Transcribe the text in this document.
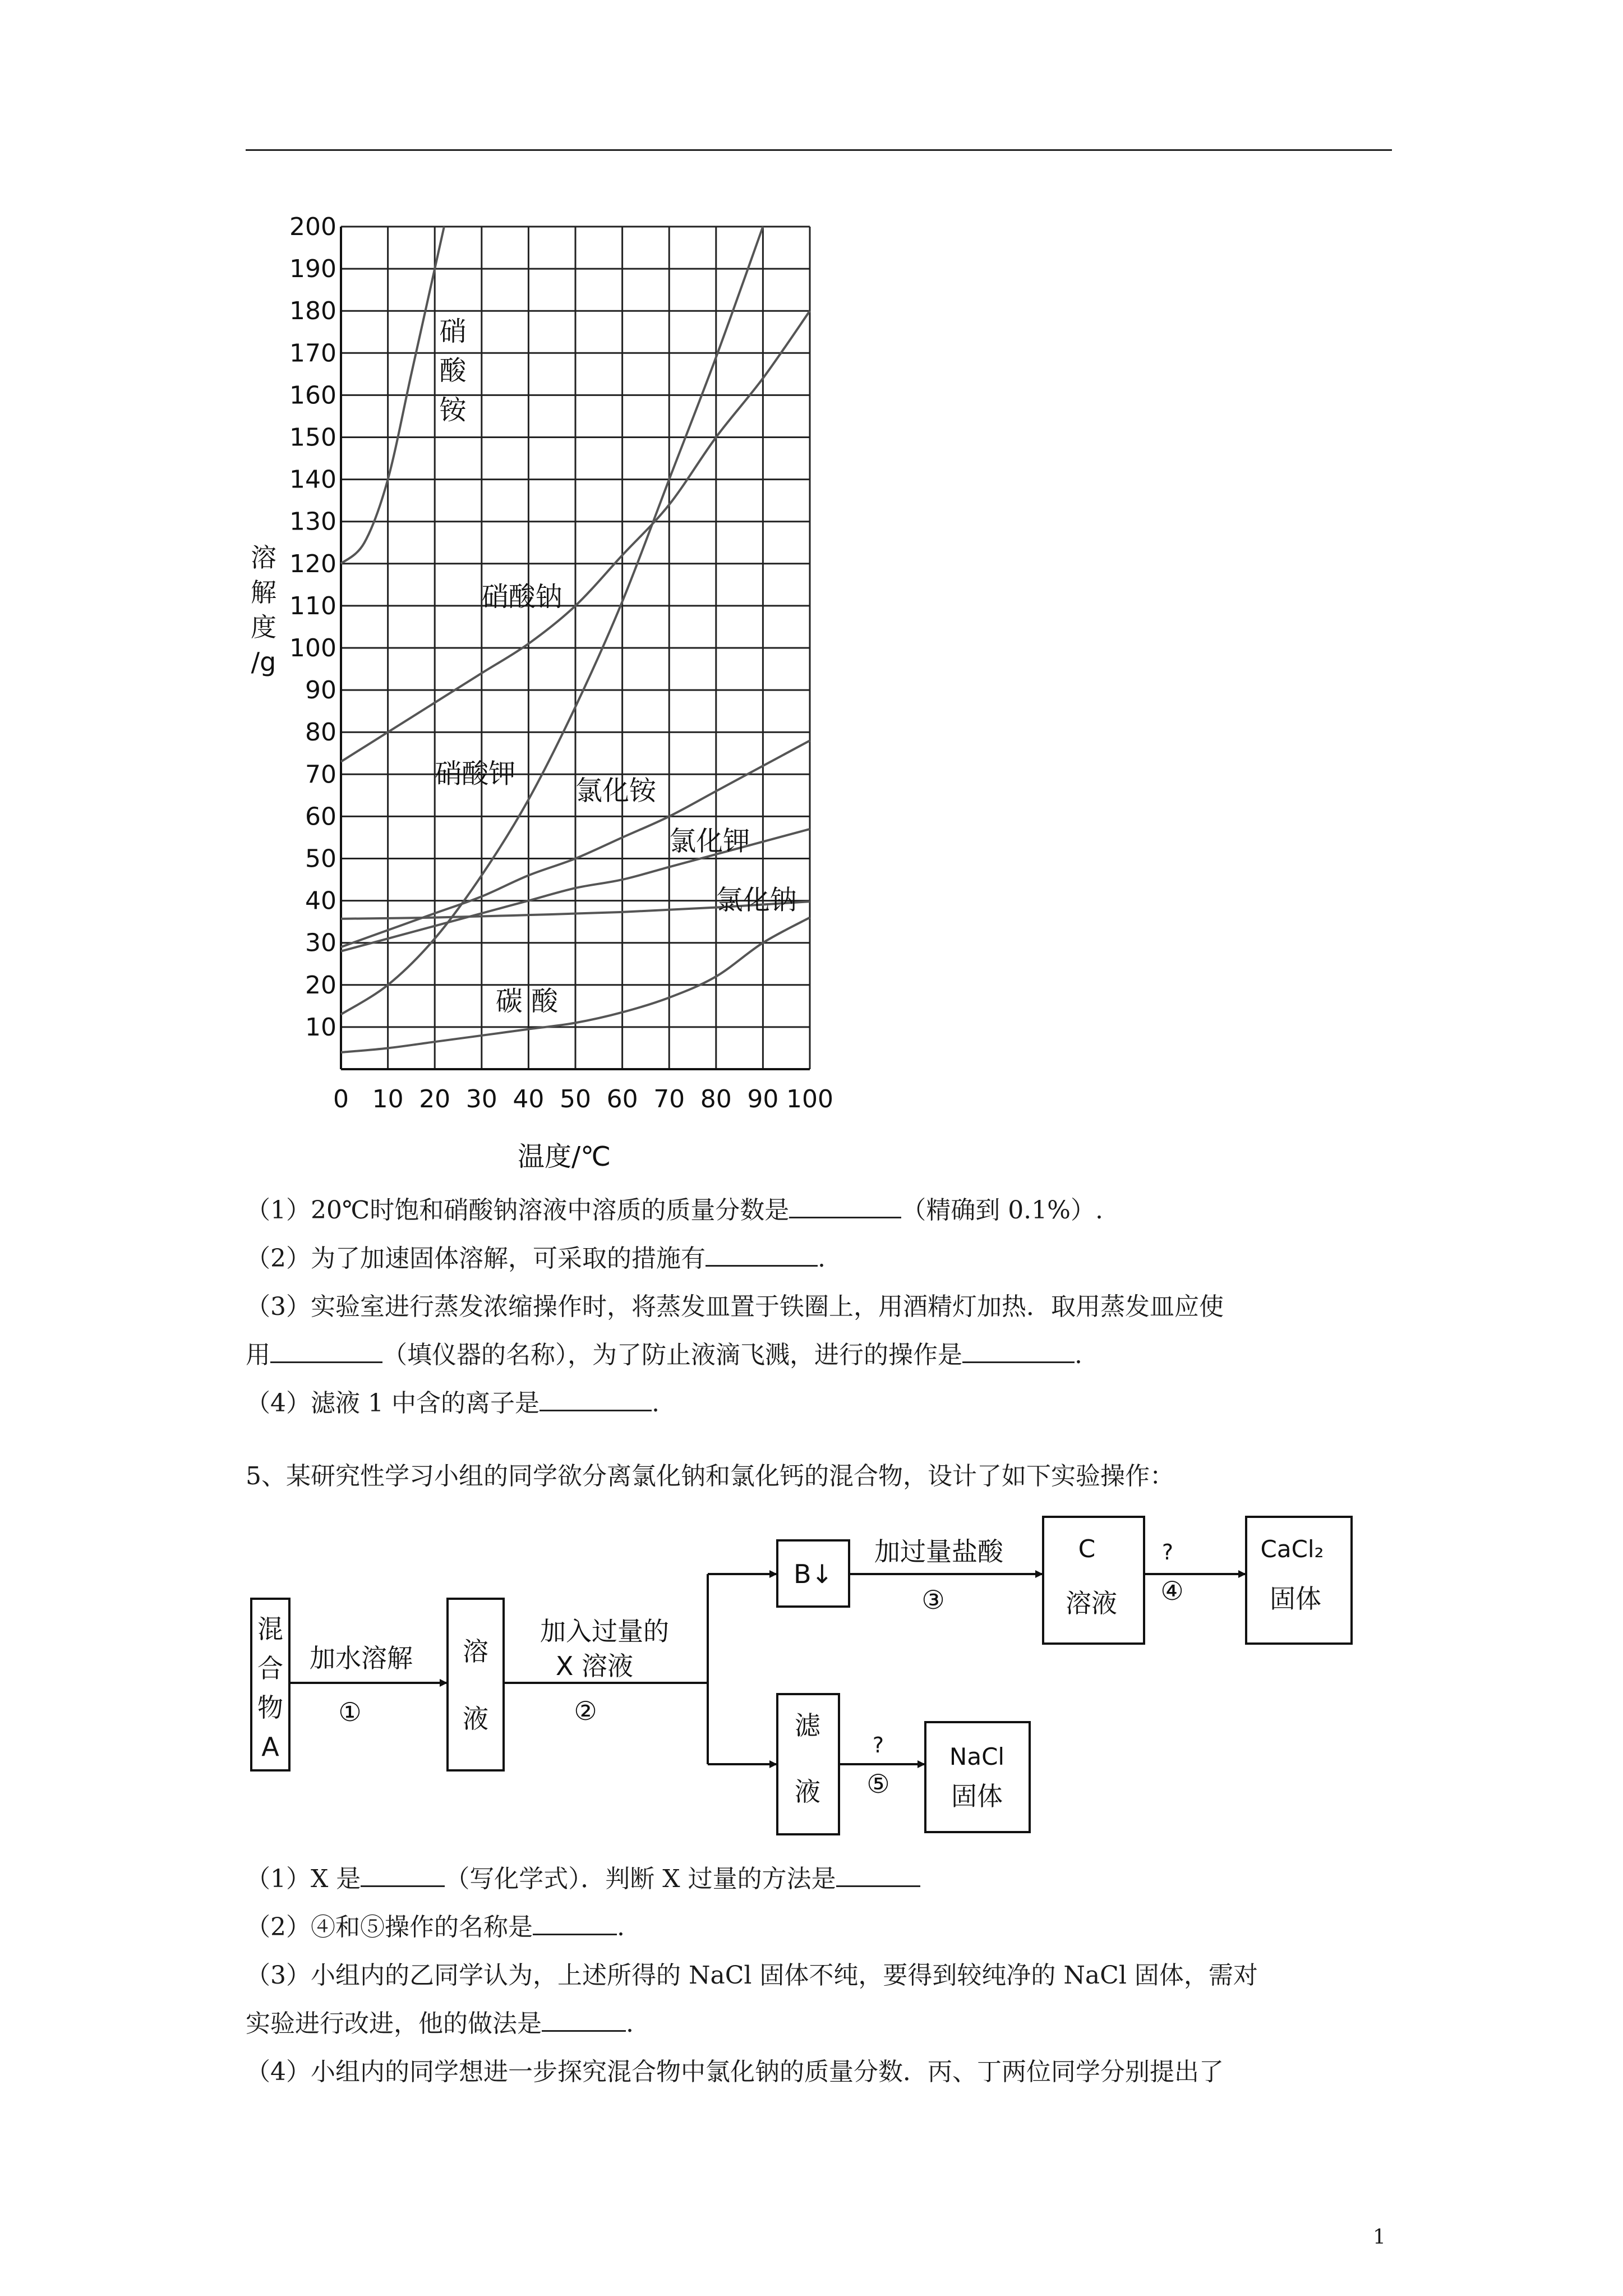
0 10 20 30 40 50 60 70 80 90 100
10
20
30
40
50
60
70
80
90
100
110
120
130
140
150
160
170
180
190
200
溶
解
度
/g
温度/℃
硝
酸
铵
硝酸钠
硝酸钾
氯化铵
氯化钾
氯化钠
碳 酸
（1）20℃时饱和硝酸钠溶液中溶质的质量分数是	（精确到 0.1%）.
（2）为了加速固体溶解，可采取的措施有	.
（3）实验室进行蒸发浓缩操作时，将蒸发皿置于铁圈上，用酒精灯加热．取用蒸发皿应使
用	（填仪器的名称），为了防止液滴飞溅，进行的操作是	.
（4）滤液 1 中含的离子是	.
5、某研究性学习小组的同学欲分离氯化钠和氯化钙的混合物，设计了如下实验操作：
混
合
物
A
溶
液
加水溶解
①
加入过量的
X 溶液
②
B↓
加过量盐酸
③
C
溶液
?
④
CaCl₂
固体
滤
液
?
⑤
NaCl
固体
（1）X 是	（写化学式）．判断 X 过量的方法是
（2）④和⑤操作的名称是	.
（3）小组内的乙同学认为，上述所得的 NaCl 固体不纯，要得到较纯净的 NaCl 固体，需对
实验进行改进，他的做法是	.
（4）小组内的同学想进一步探究混合物中氯化钠的质量分数．丙、丁两位同学分别提出了
1
